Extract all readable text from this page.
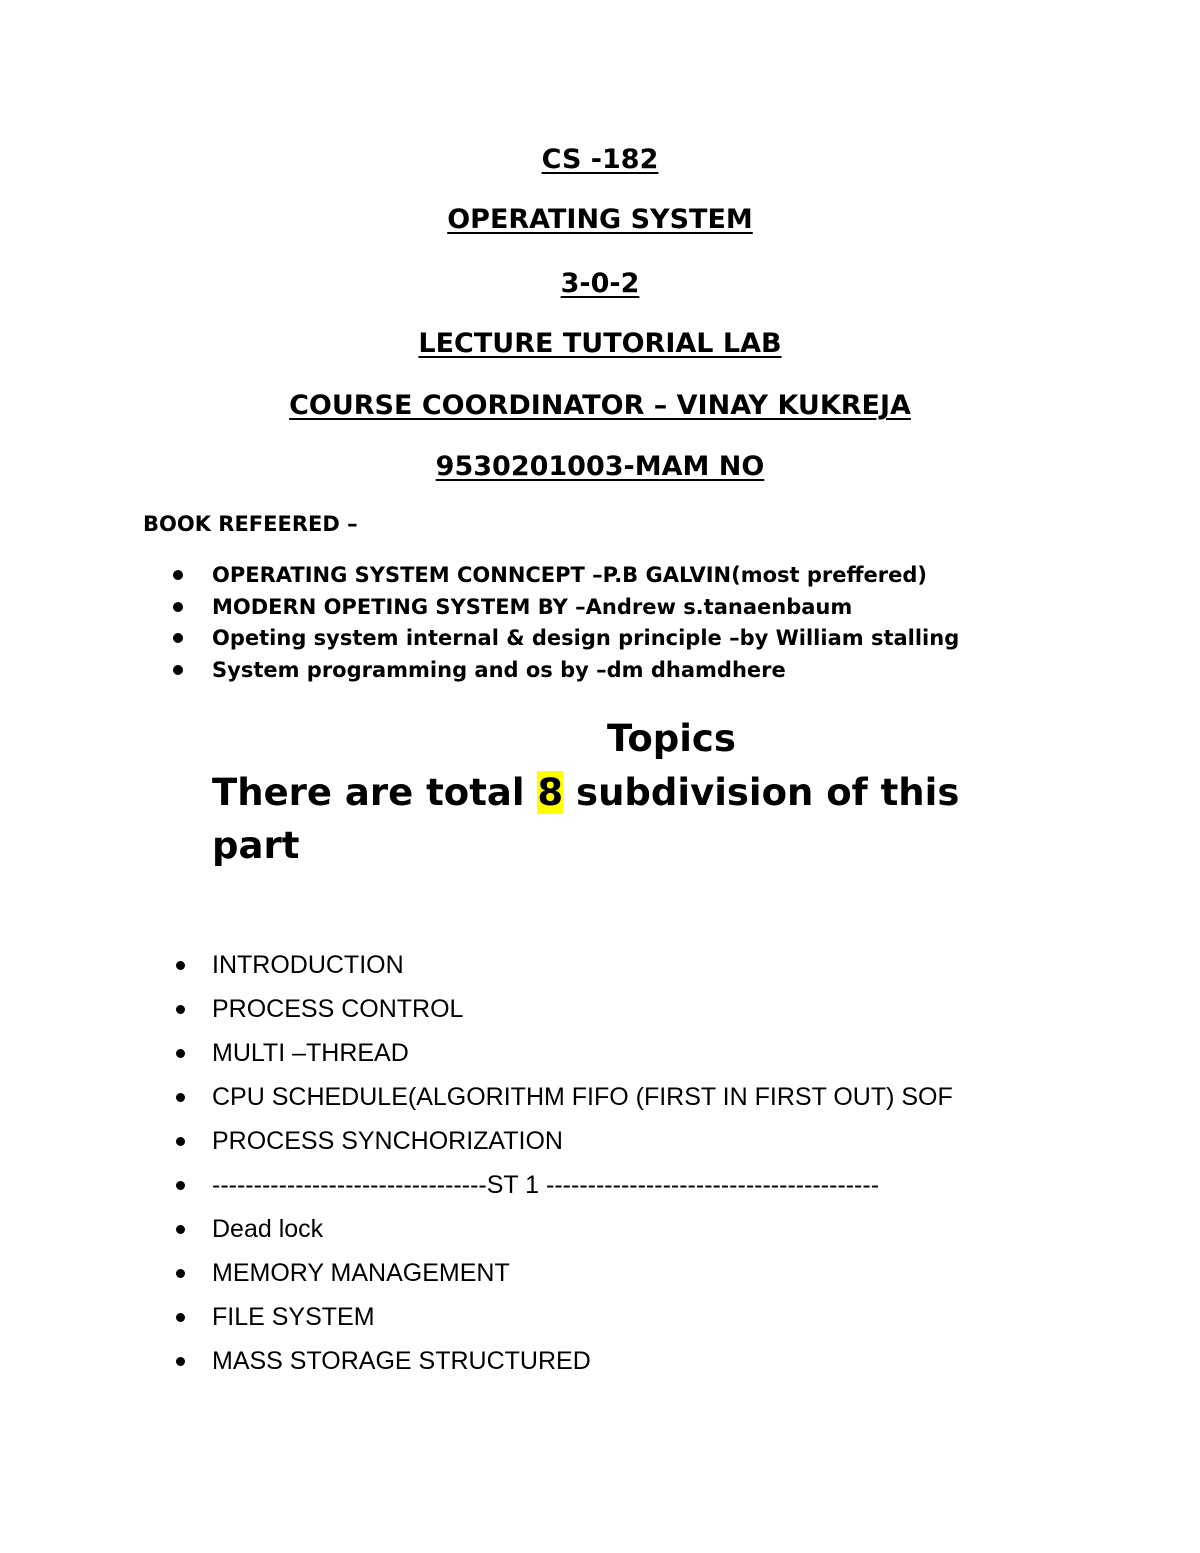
CS -182
OPERATING SYSTEM
3-0-2
LECTURE TUTORIAL LAB
COURSE COORDINATOR – VINAY KUKREJA
9530201003-MAM NO
BOOK REFEERED –
OPERATING SYSTEM CONNCEPT –P.B GALVIN(most preffered)
MODERN OPETING SYSTEM BY –Andrew s.tanaenbaum
Opeting system internal & design principle –by William stalling
System programming and os by –dm dhamdhere
Topics
There are total 8 subdivision of this part
INTRODUCTION
PROCESS CONTROL
MULTI –THREAD
CPU SCHEDULE(ALGORITHM FIFO (FIRST IN FIRST OUT) SOF
PROCESS SYNCHORIZATION
---------------------------------ST 1 ----------------------------------------
Dead lock
MEMORY MANAGEMENT
FILE SYSTEM
MASS STORAGE STRUCTURED
